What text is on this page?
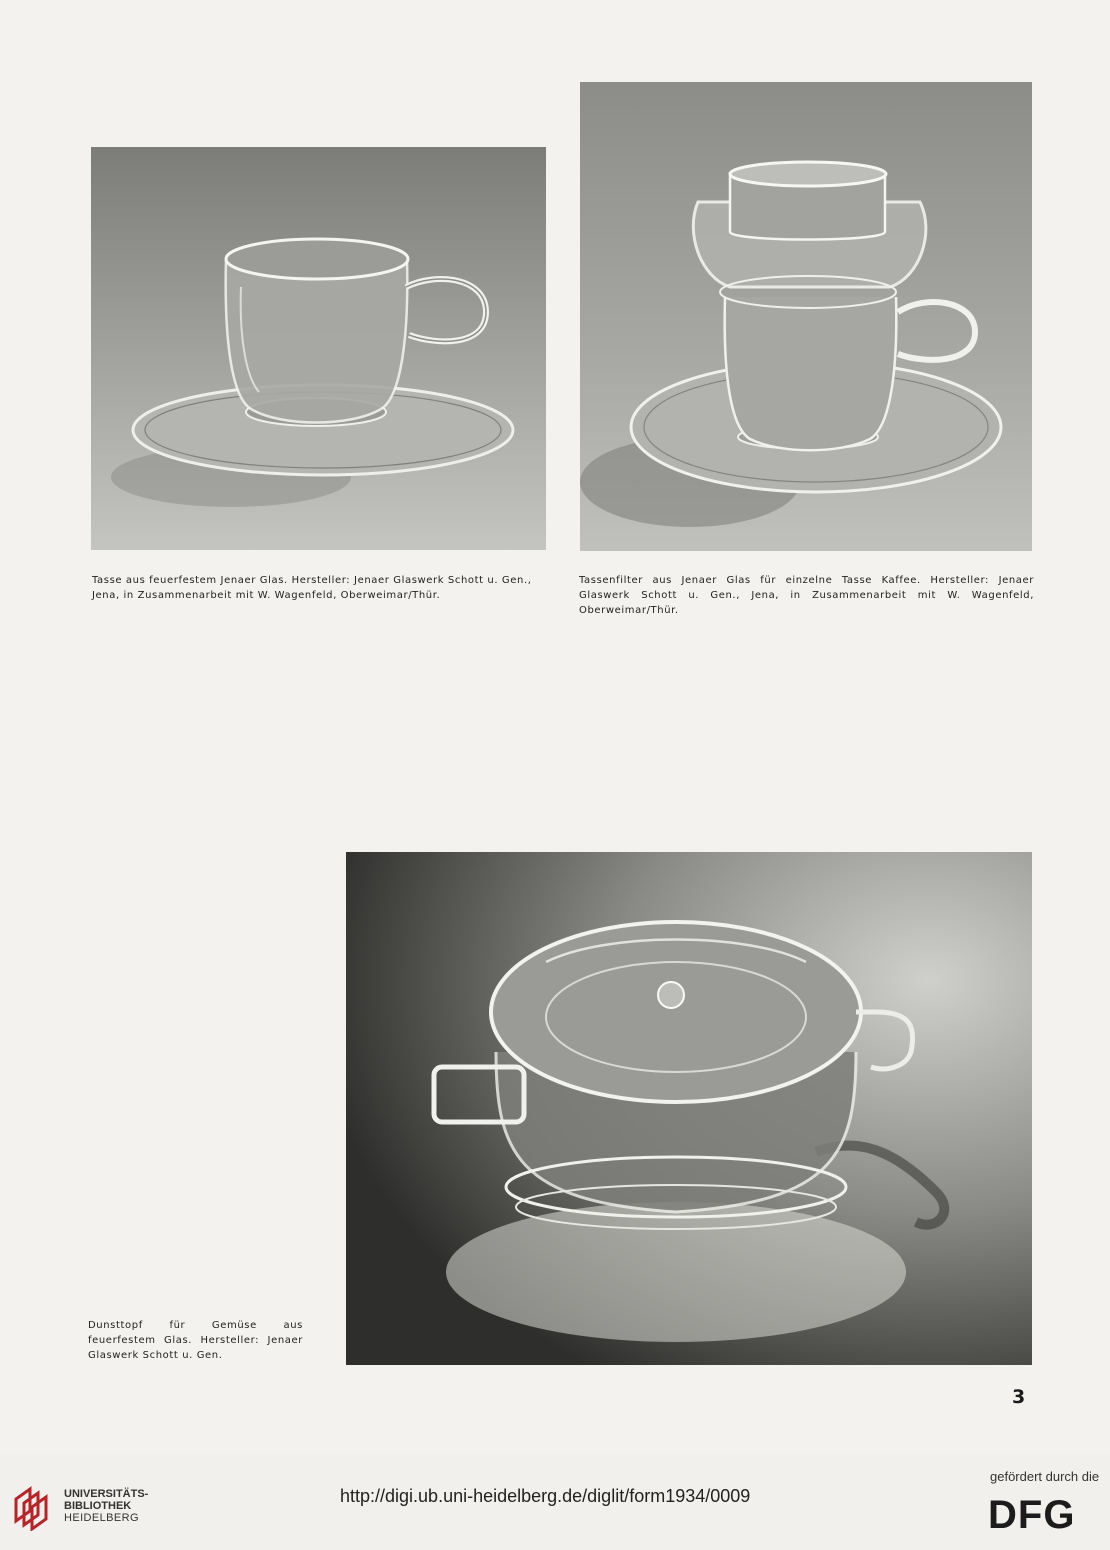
Tasse aus feuerfestem Jenaer Glas. Hersteller: Jenaer Glaswerk Schott u. Gen., Jena, in Zusammenarbeit mit W. Wagenfeld, Oberweimar/Thür.

Tassenfilter aus Jenaer Glas für einzelne Tasse Kaffee. Hersteller: Jenaer Glaswerk Schott u. Gen., Jena, in Zusammenarbeit mit W. Wagenfeld, Oberweimar/Thür.

Dunsttopf für Gemüse aus feuerfestem Glas. Hersteller: Jenaer Glaswerk Schott u. Gen.

3
UNIVERSITÄTS-
BIBLIOTHEK
HEIDELBERG
http://digi.ub.uni-heidelberg.de/diglit/form1934/0009
gefördert durch die
DFG
